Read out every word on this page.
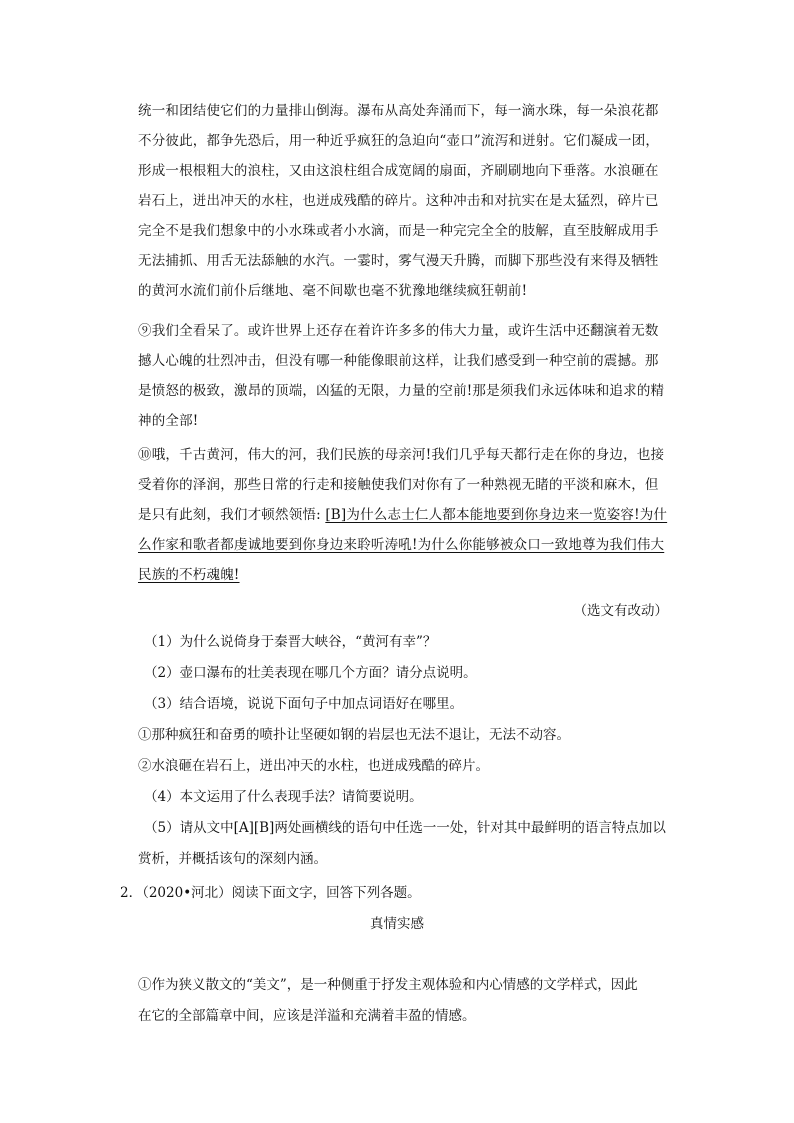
统一和团结使它们的力量排山倒海。瀑布从高处奔涌而下，每一滴水珠，每一朵浪花都

不分彼此，都争先恐后，用一种近乎疯狂的急迫向“壶口”流泻和迸射。它们凝成一团，

形成一根根粗大的浪柱，又由这浪柱组合成宽阔的扇面，齐刷刷地向下垂落。水浪砸在

岩石上，迸出冲天的水柱，也迸成残酷的碎片。这种冲击和对抗实在是太猛烈，碎片已

完全不是我们想象中的小水珠或者小水滴，而是一种完完全全的肢解，直至肢解成用手

无法捕抓、用舌无法舔触的水汽。一霎时，雾气漫天升腾，而脚下那些没有来得及牺牲

的黄河水流们前仆后继地、毫不间歇也毫不犹豫地继续疯狂朝前!

⑨我们全看呆了。或许世界上还存在着许许多多的伟大力量，或许生活中还翻演着无数

撼人心魄的壮烈冲击，但没有哪一种能像眼前这样，让我们感受到一种空前的震撼。那

是愤怒的极致，激昂的顶端，凶猛的无限，力量的空前!那是须我们永远体味和追求的精

神的全部!

⑩哦，千古黄河，伟大的河，我们民族的母亲河!我们几乎每天都行走在你的身边，也接

受着你的泽润，那些日常的行走和接触使我们对你有了一种熟视无睹的平淡和麻木，但

是只有此刻，我们才顿然领悟: [B]为什么志士仁人都本能地要到你身边来一览姿容!为什

么作家和歌者都虔诚地要到你身边来聆听涛吼!为什么你能够被众口一致地尊为我们伟大

民族的不朽魂魄!

（选文有改动）
（1）为什么说倚身于秦晋大峡谷，“黄河有幸”？
（2）壶口瀑布的壮美表现在哪几个方面？请分点说明。
（3）结合语境，说说下面句子中加点词语好在哪里。
①那种疯狂和奋勇的喷扑让坚硬如钢的岩层也无法不退让，无法不动容。
②水浪砸在岩石上，迸出冲天的水柱，也迸成残酷的碎片。
（4）本文运用了什么表现手法？请简要说明。
（5）请从文中[A][B]两处画横线的语句中任选一一处，针对其中最鲜明的语言特点加以
赏析，并概括该句的深刻内涵。
2．（2020•河北）阅读下面文字，回答下列各题。
真情实感

①作为狭义散文的“美文”，是一种侧重于抒发主观体验和内心情感的文学样式，因此

在它的全部篇章中间，应该是洋溢和充满着丰盈的情感。
